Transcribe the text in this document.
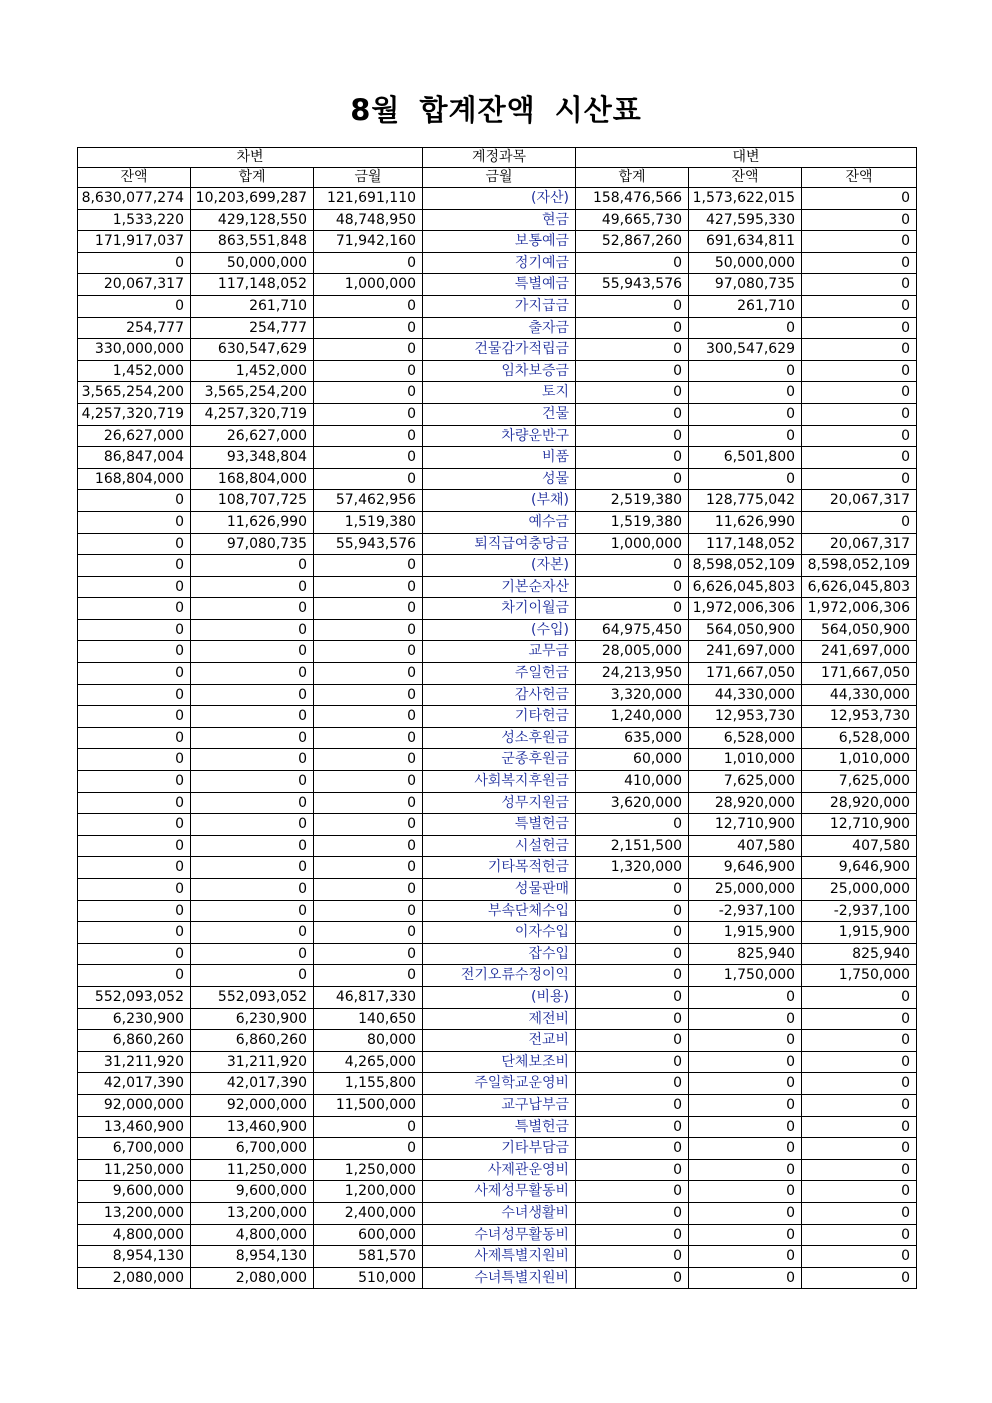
8월 합계잔액 시산표
차변			계정과목	대변		
잔액	합계	금월	금월	합계	잔액	잔액
8,630,077,274	10,203,699,287	121,691,110	(자산)	158,476,566	1,573,622,015	0
1,533,220	429,128,550	48,748,950	현금	49,665,730	427,595,330	0
171,917,037	863,551,848	71,942,160	보통예금	52,867,260	691,634,811	0
0	50,000,000	0	정기예금	0	50,000,000	0
20,067,317	117,148,052	1,000,000	특별예금	55,943,576	97,080,735	0
0	261,710	0	가지급금	0	261,710	0
254,777	254,777	0	출자금	0	0	0
330,000,000	630,547,629	0	건물감가적립금	0	300,547,629	0
1,452,000	1,452,000	0	임차보증금	0	0	0
3,565,254,200	3,565,254,200	0	토지	0	0	0
4,257,320,719	4,257,320,719	0	건물	0	0	0
26,627,000	26,627,000	0	차량운반구	0	0	0
86,847,004	93,348,804	0	비품	0	6,501,800	0
168,804,000	168,804,000	0	성물	0	0	0
0	108,707,725	57,462,956	(부채)	2,519,380	128,775,042	20,067,317
0	11,626,990	1,519,380	예수금	1,519,380	11,626,990	0
0	97,080,735	55,943,576	퇴직급여충당금	1,000,000	117,148,052	20,067,317
0	0	0	(자본)	0	8,598,052,109	8,598,052,109
0	0	0	기본순자산	0	6,626,045,803	6,626,045,803
0	0	0	차기이월금	0	1,972,006,306	1,972,006,306
0	0	0	(수입)	64,975,450	564,050,900	564,050,900
0	0	0	교무금	28,005,000	241,697,000	241,697,000
0	0	0	주일헌금	24,213,950	171,667,050	171,667,050
0	0	0	감사헌금	3,320,000	44,330,000	44,330,000
0	0	0	기타헌금	1,240,000	12,953,730	12,953,730
0	0	0	성소후원금	635,000	6,528,000	6,528,000
0	0	0	군종후원금	60,000	1,010,000	1,010,000
0	0	0	사회복지후원금	410,000	7,625,000	7,625,000
0	0	0	성무지원금	3,620,000	28,920,000	28,920,000
0	0	0	특별헌금	0	12,710,900	12,710,900
0	0	0	시설헌금	2,151,500	407,580	407,580
0	0	0	기타목적헌금	1,320,000	9,646,900	9,646,900
0	0	0	성물판매	0	25,000,000	25,000,000
0	0	0	부속단체수입	0	-2,937,100	-2,937,100
0	0	0	이자수입	0	1,915,900	1,915,900
0	0	0	잡수입	0	825,940	825,940
0	0	0	전기오류수정이익	0	1,750,000	1,750,000
552,093,052	552,093,052	46,817,330	(비용)	0	0	0
6,230,900	6,230,900	140,650	제전비	0	0	0
6,860,260	6,860,260	80,000	전교비	0	0	0
31,211,920	31,211,920	4,265,000	단체보조비	0	0	0
42,017,390	42,017,390	1,155,800	주일학교운영비	0	0	0
92,000,000	92,000,000	11,500,000	교구납부금	0	0	0
13,460,900	13,460,900	0	특별헌금	0	0	0
6,700,000	6,700,000	0	기타부담금	0	0	0
11,250,000	11,250,000	1,250,000	사제관운영비	0	0	0
9,600,000	9,600,000	1,200,000	사제성무활동비	0	0	0
13,200,000	13,200,000	2,400,000	수녀생활비	0	0	0
4,800,000	4,800,000	600,000	수녀성무활동비	0	0	0
8,954,130	8,954,130	581,570	사제특별지원비	0	0	0
2,080,000	2,080,000	510,000	수녀특별지원비	0	0	0
